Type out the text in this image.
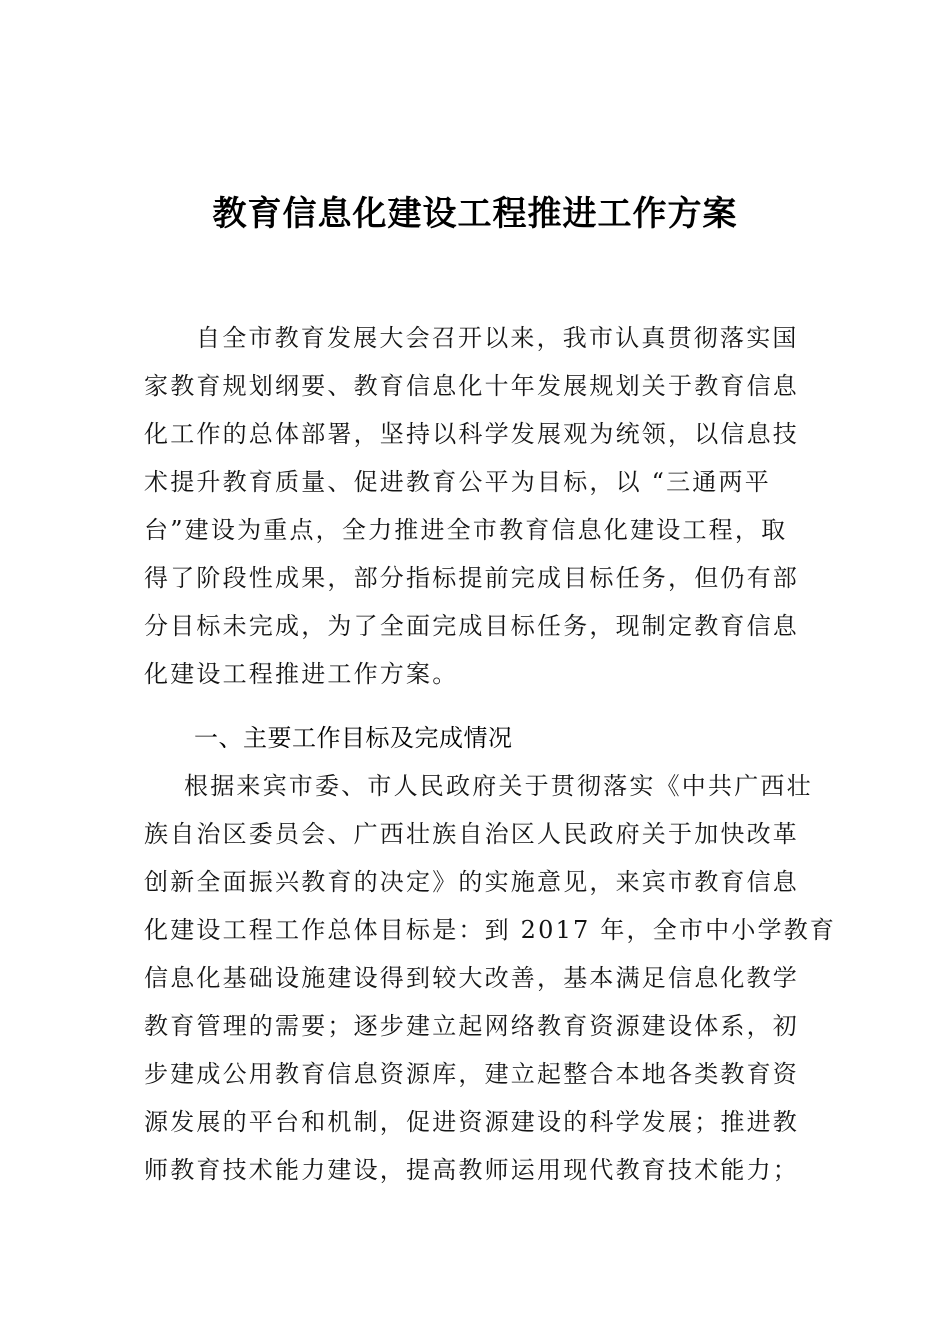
教育信息化建设工程推进工作方案
自全市教育发展大会召开以来，我市认真贯彻落实国
家教育规划纲要、教育信息化十年发展规划关于教育信息
化工作的总体部署，坚持以科学发展观为统领，以信息技
术提升教育质量、促进教育公平为目标，以 “三通两平
台”建设为重点，全力推进全市教育信息化建设工程，取
得了阶段性成果，部分指标提前完成目标任务，但仍有部
分目标未完成，为了全面完成目标任务，现制定教育信息
化建设工程推进工作方案。
一、主要工作目标及完成情况
根据来宾市委、市人民政府关于贯彻落实《中共广西壮
族自治区委员会、广西壮族自治区人民政府关于加快改革
创新全面振兴教育的决定》的实施意见，来宾市教育信息
化建设工程工作总体目标是：到 2017 年，全市中小学教育
信息化基础设施建设得到较大改善，基本满足信息化教学
教育管理的需要；逐步建立起网络教育资源建设体系，初
步建成公用教育信息资源库，建立起整合本地各类教育资
源发展的平台和机制，促进资源建设的科学发展；推进教
师教育技术能力建设，提高教师运用现代教育技术能力；
